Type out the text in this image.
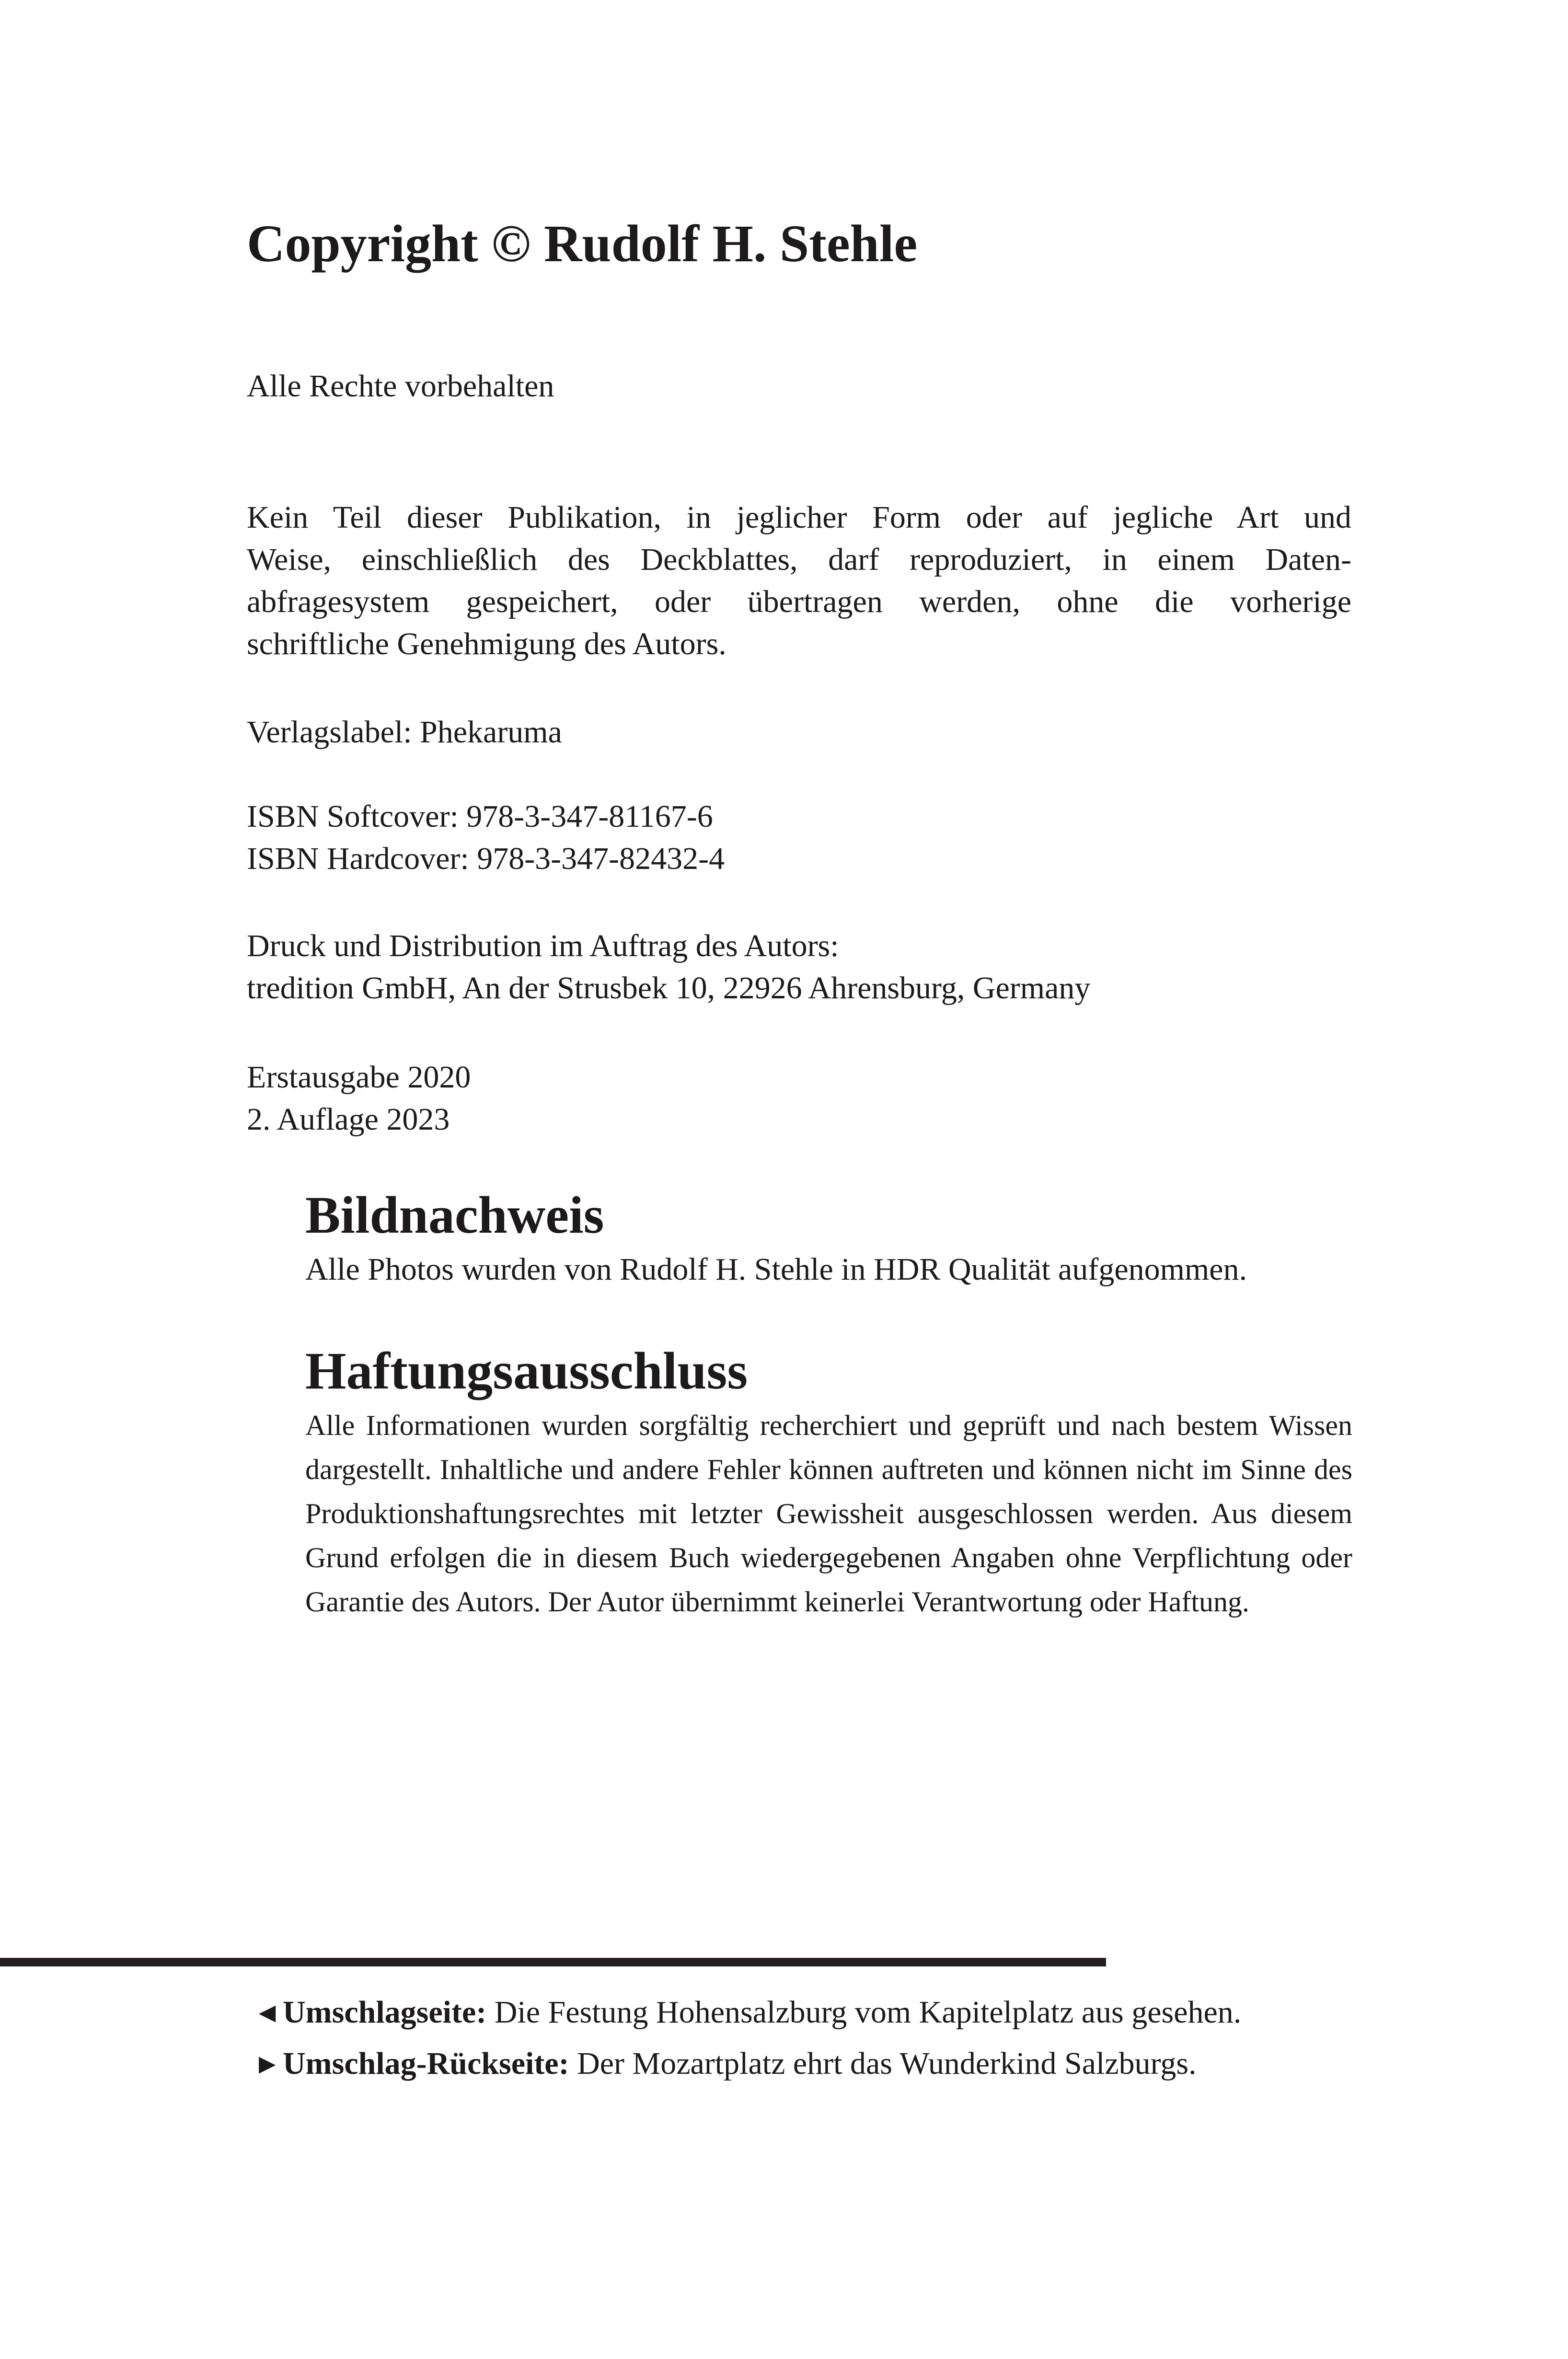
Copyright © Rudolf H. Stehle

Alle Rechte vorbehalten

Kein Teil dieser Publikation, in jeglicher Form oder auf jegliche Art und
Weise, einschließlich des Deckblattes, darf reproduziert, in einem Daten-
abfragesystem gespeichert, oder übertragen werden, ohne die vorherige
schriftliche Genehmigung des Autors.

Verlagslabel: Phekaruma

ISBN Softcover: 978-3-347-81167-6
ISBN Hardcover: 978-3-347-82432-4

Druck und Distribution im Auftrag des Autors:
tredition GmbH, An der Strusbek 10, 22926 Ahrensburg, Germany

Erstausgabe 2020
2. Auflage 2023

Bildnachweis

Alle Photos wurden von Rudolf H. Stehle in HDR Qualität aufgenommen.

Haftungsausschluss

Alle Informationen wurden sorgfältig recherchiert und geprüft und nach bestem Wissen
dargestellt. Inhaltliche und andere Fehler können auftreten und können nicht im Sinne des
Produktionshaftungsrechtes mit letzter Gewissheit ausgeschlossen werden. Aus diesem
Grund erfolgen die in diesem Buch wiedergegebenen Angaben ohne Verpflichtung oder
Garantie des Autors. Der Autor übernimmt keinerlei Verantwortung oder Haftung.

◀ Umschlagseite: Die Festung Hohensalzburg vom Kapitelplatz aus gesehen.

▶ Umschlag-Rückseite: Der Mozartplatz ehrt das Wunderkind Salzburgs.
